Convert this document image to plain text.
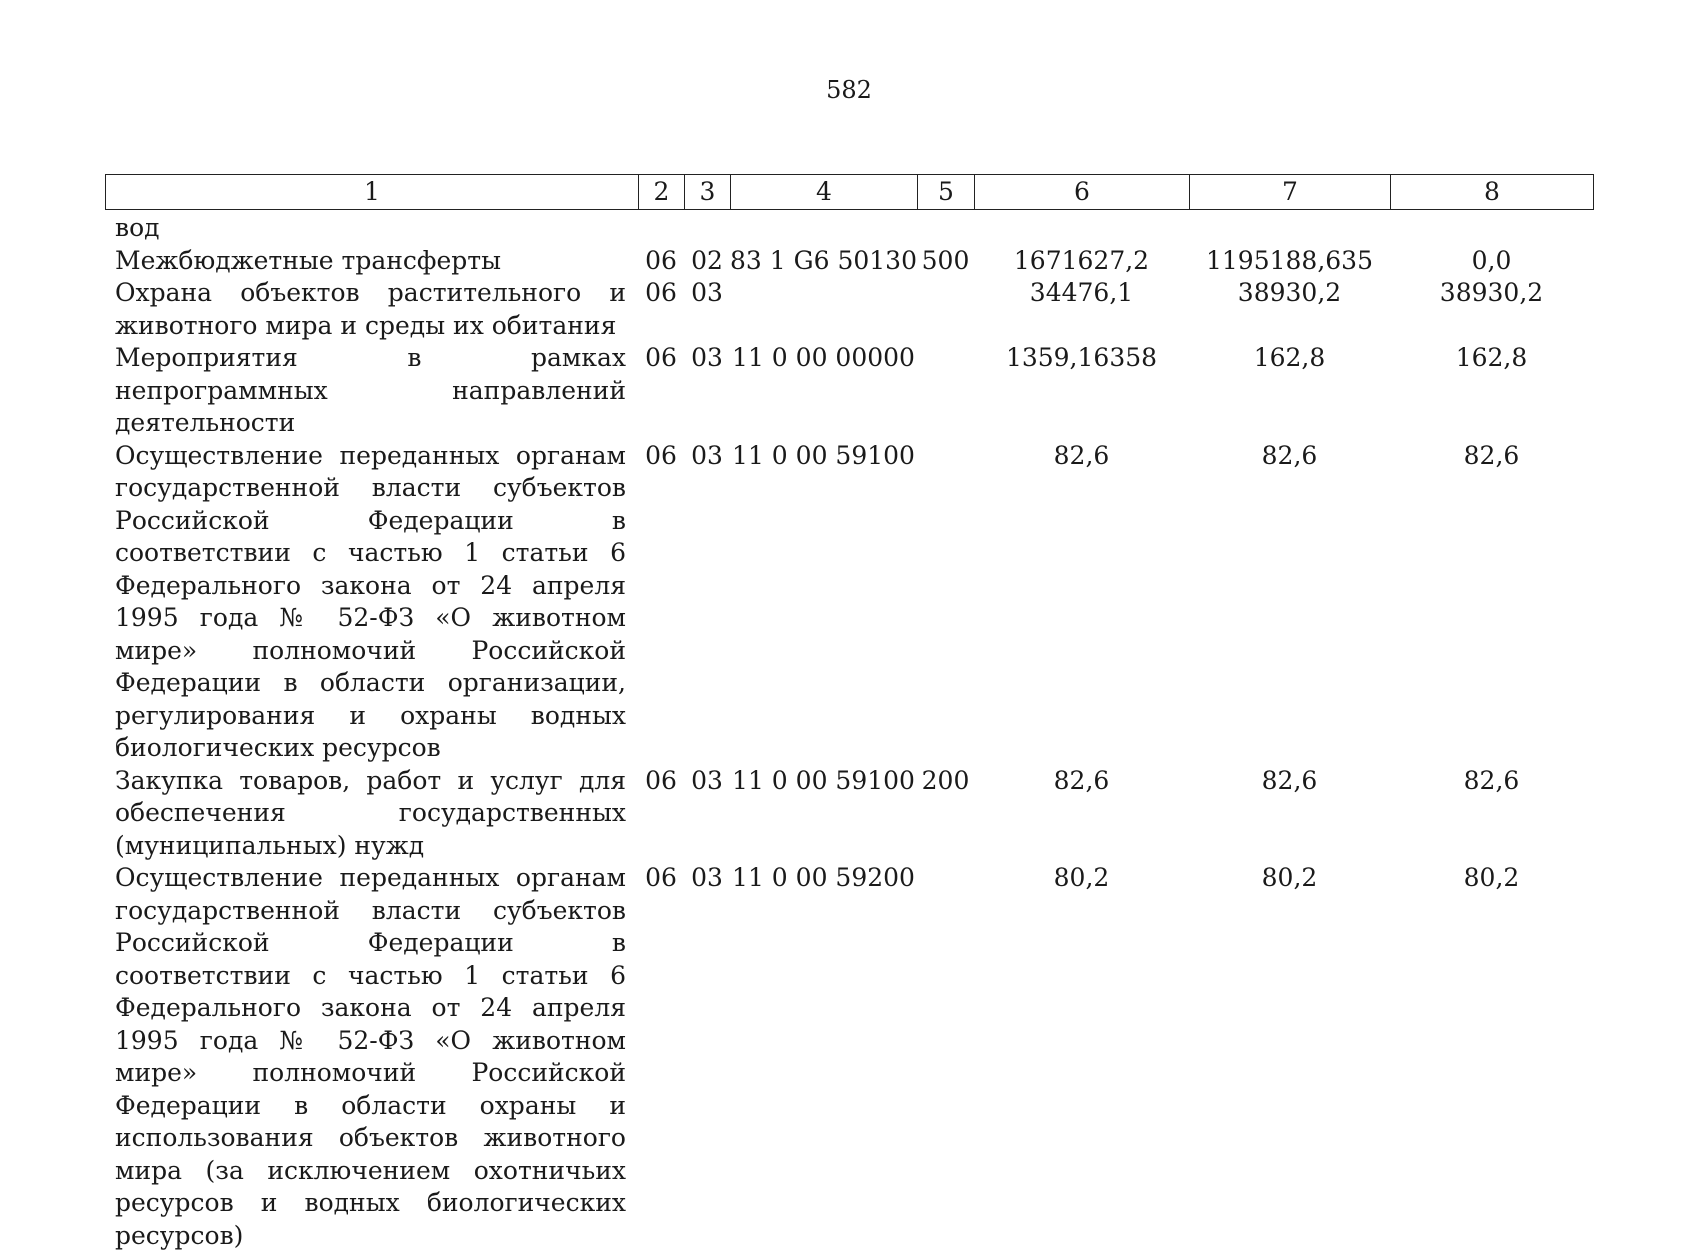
582
1	2	3	4	5	6	7	8
вод							
Межбюджетные трансферты	06	02	83 1 G6 50130	500	1671627,2	1195188,635	0,0
Охрана объектов растительного и животного мира и среды их обитания	06	03			34476,1	38930,2	38930,2
Мероприятия в рамках непрограммных направлений деятельности	06	03	11 0 00 00000		1359,16358	162,8	162,8
Осуществление переданных органам государственной власти субъектов Российской Федерации в соответствии с частью 1 статьи 6 Федерального закона от 24 апреля 1995 года № 52-ФЗ «О животном мире» полномочий Российской Федерации в области организации, регулирования и охраны водных биологических ресурсов	06	03	11 0 00 59100		82,6	82,6	82,6
Закупка товаров, работ и услуг для обеспечения государственных (муниципальных) нужд	06	03	11 0 00 59100	200	82,6	82,6	82,6
Осуществление переданных органам государственной власти субъектов Российской Федерации в соответствии с частью 1 статьи 6 Федерального закона от 24 апреля 1995 года № 52-ФЗ «О животном мире» полномочий Российской Федерации в области охраны и использования объектов животного мира (за исключением охотничьих ресурсов и водных биологических ресурсов)	06	03	11 0 00 59200		80,2	80,2	80,2
